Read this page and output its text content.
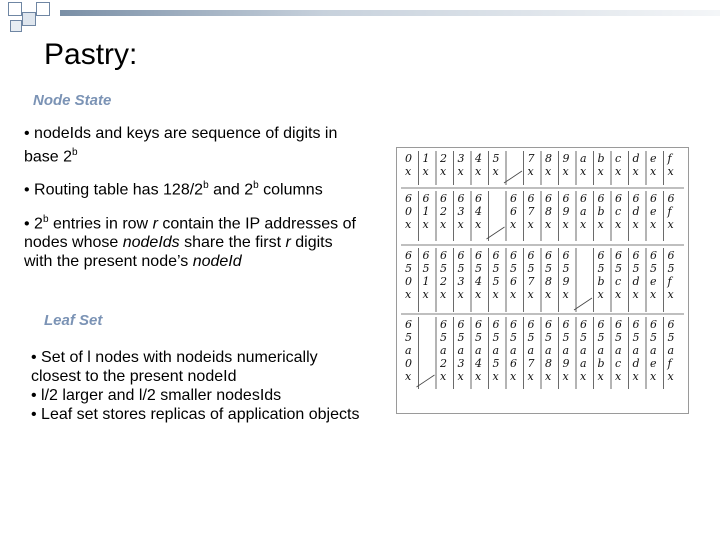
Pastry:
Node State
• nodeIds and keys are sequence of digits in base 2$^b$
• Routing table has 128/2$^b$ and 2$^b$ columns
• 2$^b$ entries in row r contain the IP addresses of nodes whose nodeIds share the first r digits with the present node’s nodeId
Leaf Set
• Set of l nodes with nodeids numerically closest to the present nodeId
• l/2 larger and l/2 smaller nodesIds
• Leaf set stores replicas of application objects
0
x
1
x
2
x
3
x
4
x
5
x
7
x
8
x
9
x
a
x
b
x
c
x
d
x
e
x
f
x
6
0
x
6
1
x
6
2
x
6
3
x
6
4
x
6
6
x
6
7
x
6
8
x
6
9
x
6
a
x
6
b
x
6
c
x
6
d
x
6
e
x
6
f
x
6
5
0
x
6
5
1
x
6
5
2
x
6
5
3
x
6
5
4
x
6
5
5
x
6
5
6
x
6
5
7
x
6
5
8
x
6
5
9
x
6
5
b
x
6
5
c
x
6
5
d
x
6
5
e
x
6
5
f
x
6
5
a
0
x
6
5
a
2
x
6
5
a
3
x
6
5
a
4
x
6
5
a
5
x
6
5
a
6
x
6
5
a
7
x
6
5
a
8
x
6
5
a
9
x
6
5
a
a
x
6
5
a
b
x
6
5
a
c
x
6
5
a
d
x
6
5
a
e
x
6
5
a
f
x
